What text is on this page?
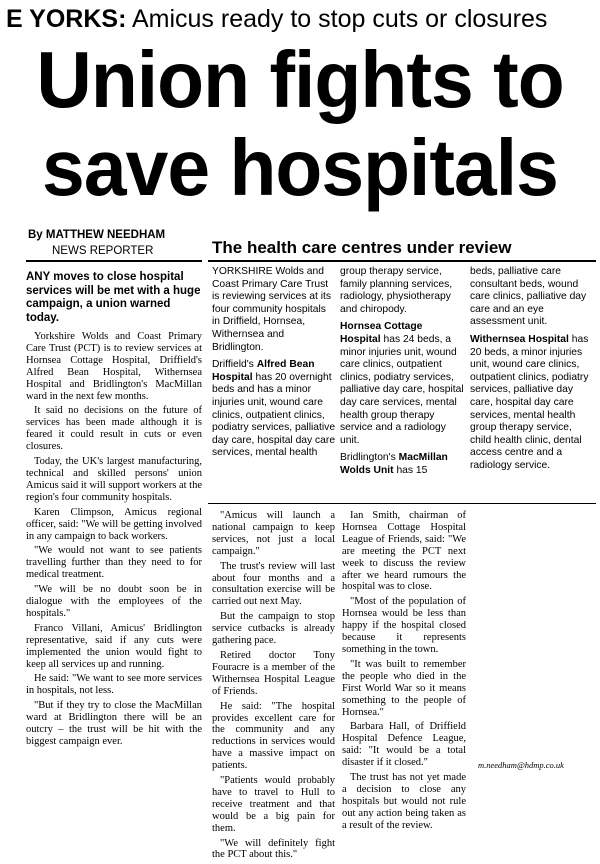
E YORKS: Amicus ready to stop cuts or closures
Union fights to
save hospitals
By MATTHEW NEEDHAM
NEWS REPORTER	The health care centres under review

YORKSHIRE Wolds and Coast Primary Care Trust is reviewing services at its four community hospitals in Driffield, Hornsea, Withernsea and Bridlington.

Driffield's Alfred Bean Hospital has 20 overnight beds and has a minor injuries unit, wound care clinics, outpatient clinics, podiatry services, palliative day care, hospital day care services, mental health

group therapy service, family planning services, radiology, physiotherapy and chiropody.

Hornsea Cottage Hospital has 24 beds, a minor injuries unit, wound care clinics, outpatient clinics, podiatry services, palliative day care, hospital day care services, mental health group therapy service and a radiology unit.

Bridlington's MacMillan Wolds Unit has 15

beds, palliative care consultant beds, wound care clinics, palliative day care and an eye assessment unit.

Withernsea Hospital has 20 beds, a minor injuries unit, wound care clinics, outpatient clinics, podiatry services, palliative day care, hospital day care services, mental health group therapy service, child health clinic, dental access centre and a radiology service.

ANY moves to close hospital services will be met with a huge campaign, a union warned today.

Yorkshire Wolds and Coast Primary Care Trust (PCT) is to review services at Hornsea Cottage Hospital, Driffield's Alfred Bean Hospital, Withernsea Hospital and Bridlington's MacMillan ward in the next few months.

It said no decisions on the future of services has been made although it is feared it could result in cuts or even closures.

Today, the UK's largest manufacturing, technical and skilled persons' union Amicus said it will support workers at the region's four community hospitals.

Karen Climpson, Amicus regional officer, said: "We will be getting involved in any campaign to back workers.

"We would not want to see patients travelling further than they need to for medical treatment.

"We will be no doubt soon be in dialogue with the employees of the hospitals."

Franco Villani, Amicus' Bridlington representative, said if any cuts were implemented the union would fight to keep all services up and running.

He said: "We want to see more services in hospitals, not less.

"But if they try to close the MacMillan ward at Bridlington there will be an outcry – the trust will be hit with the biggest campaign ever.

"Amicus will launch a national campaign to keep services, not just a local campaign."

The trust's review will last about four months and a consultation exercise will be carried out next May.

But the campaign to stop service cutbacks is already gathering pace.

Retired doctor Tony Fouracre is a member of the Withernsea Hospital League of Friends.

He said: "The hospital provides excellent care for the community and any reductions in services would have a massive impact on patients.

"Patients would probably have to travel to Hull to receive treatment and that would be a big pain for them.

"We will definitely fight the PCT about this."

Ian Smith, chairman of Hornsea Cottage Hospital League of Friends, said: "We are meeting the PCT next week to discuss the review after we heard rumours the hospital was to close.

"Most of the population of Hornsea would be less than happy if the hospital closed because it represents something in the town.

"It was built to remember the people who died in the First World War so it means something to the people of Hornsea."

Barbara Hall, of Driffield Hospital Defence League, said: "It would be a total disaster if it closed."

The trust has not yet made a decision to close any hospitals but would not rule out any action being taken as a result of the review.

m.needham@hdmp.co.uk
